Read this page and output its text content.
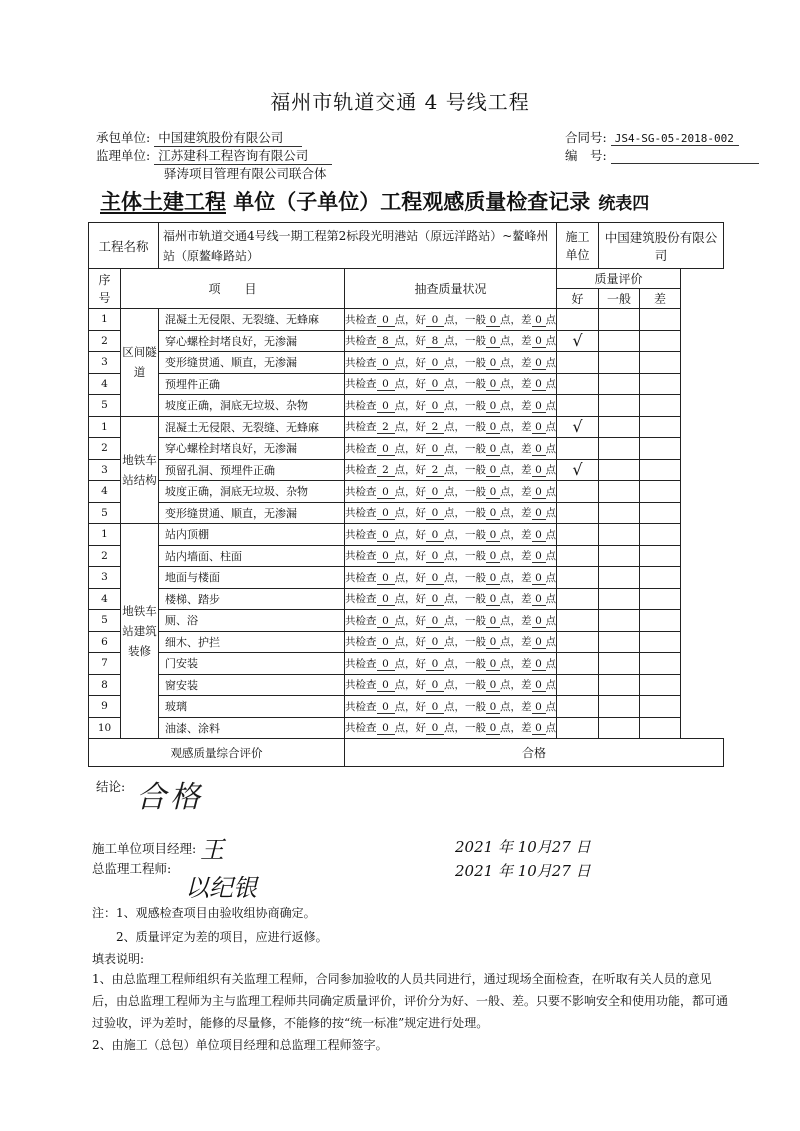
福州市轨道交通 4 号线工程
承包单位: 中国建筑股份有限公司
监理单位: 江苏建科工程咨询有限公司
驿涛项目管理有限公司联合体
合同号: JS4-SG-05-2018-002
编　号:
主体土建工程 单位（子单位）工程观感质量检查记录 统表四
工程名称		福州市轨道交通4号线一期工程第2标段光明港站（原远洋路站）~鳌峰州站（原鳌峰路站）		施工单位	中国建筑股份有限公司	
序号	项　　目		抽查质量状况	质量评价		
				好	一般	差
1	区间隧道	混凝土无侵限、无裂缝、无蜂麻	共检查 0 点，好 0 点，一般 0 点，差 0 点			
2		穿心螺栓封堵良好，无渗漏	共检查 8 点，好 8 点，一般 0 点，差 0 点	√		
3		变形缝贯通、顺直，无渗漏	共检查 0 点，好 0 点，一般 0 点，差 0 点			
4		预埋件正确	共检查 0 点，好 0 点，一般 0 点，差 0 点			
5		坡度正确，洞底无垃圾、杂物	共检查 0 点，好 0 点，一般 0 点，差 0 点			
1	地铁车站结构	混凝土无侵限、无裂缝、无蜂麻	共检查 2 点，好 2 点，一般 0 点，差 0 点	√		
2		穿心螺栓封堵良好，无渗漏	共检查 0 点，好 0 点，一般 0 点，差 0 点			
3		预留孔洞、预埋件正确	共检查 2 点，好 2 点，一般 0 点，差 0 点	√		
4		坡度正确，洞底无垃圾、杂物	共检查 0 点，好 0 点，一般 0 点，差 0 点			
5		变形缝贯通、顺直，无渗漏	共检查 0 点，好 0 点，一般 0 点，差 0 点			
1	地铁车站建筑装修	站内顶棚	共检查 0 点，好 0 点，一般 0 点，差 0 点			
2		站内墙面、柱面	共检查 0 点，好 0 点，一般 0 点，差 0 点			
3		地面与楼面	共检查 0 点，好 0 点，一般 0 点，差 0 点			
4		楼梯、踏步	共检查 0 点，好 0 点，一般 0 点，差 0 点			
5		厕、浴	共检查 0 点，好 0 点，一般 0 点，差 0 点			
6		细木、护拦	共检查 0 点，好 0 点，一般 0 点，差 0 点			
7		门安装	共检查 0 点，好 0 点，一般 0 点，差 0 点			
8		窗安装	共检查 0 点，好 0 点，一般 0 点，差 0 点			
9		玻璃	共检查 0 点，好 0 点，一般 0 点，差 0 点			
10		油漆、涂料	共检查 0 点，好 0 点，一般 0 点，差 0 点			
观感质量综合评价			合格			
结论: 合格
施工单位项目经理:
总监理工程师:
王
以纪银
2021 年 10月27 日
2021 年 10月27 日
注：1、观感检查项目由验收组协商确定。
2、质量评定为差的项目，应进行返修。
填表说明:
1、由总监理工程师组织有关监理工程师，合同参加验收的人员共同进行，通过现场全面检查，在听取有关人员的意见后，由总监理工程师为主与监理工程师共同确定质量评价，评价分为好、一般、差。只要不影响安全和使用功能，都可通过验收，评为差时，能修的尽量修，不能修的按“统一标准”规定进行处理。
2、由施工（总包）单位项目经理和总监理工程师签字。
